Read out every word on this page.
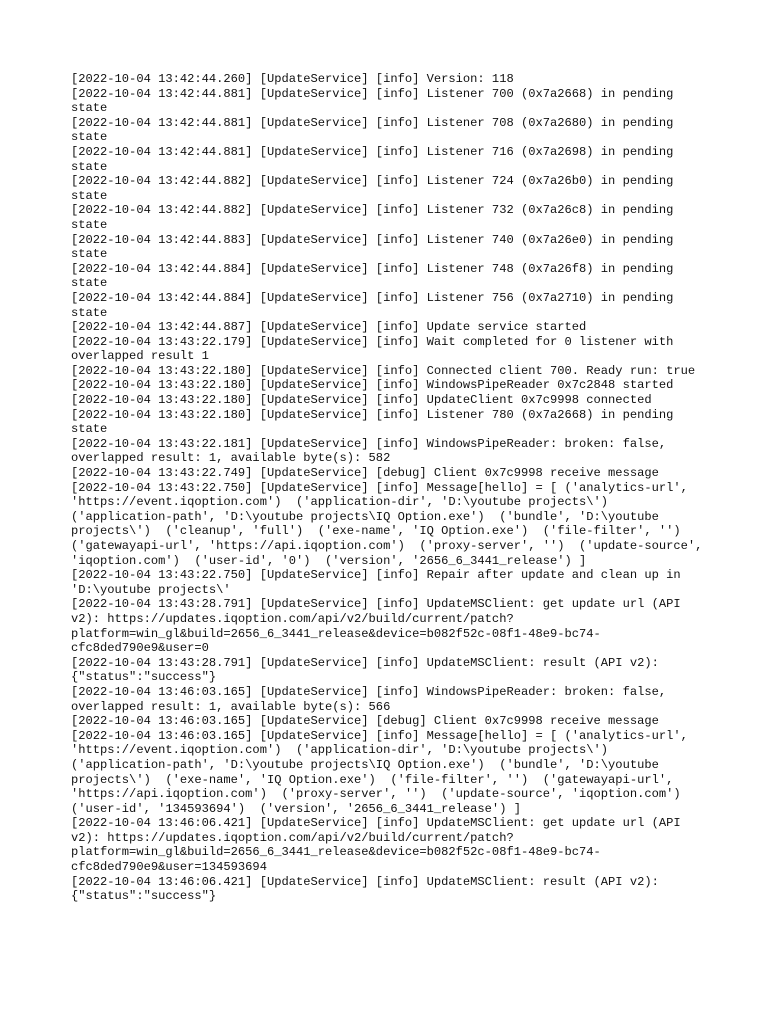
[2022-10-04 13:42:44.260] [UpdateService] [info] Version: 118
[2022-10-04 13:42:44.881] [UpdateService] [info] Listener 700 (0x7a2668) in pending state
[2022-10-04 13:42:44.881] [UpdateService] [info] Listener 708 (0x7a2680) in pending state
[2022-10-04 13:42:44.881] [UpdateService] [info] Listener 716 (0x7a2698) in pending state
[2022-10-04 13:42:44.882] [UpdateService] [info] Listener 724 (0x7a26b0) in pending state
[2022-10-04 13:42:44.882] [UpdateService] [info] Listener 732 (0x7a26c8) in pending state
[2022-10-04 13:42:44.883] [UpdateService] [info] Listener 740 (0x7a26e0) in pending state
[2022-10-04 13:42:44.884] [UpdateService] [info] Listener 748 (0x7a26f8) in pending state
[2022-10-04 13:42:44.884] [UpdateService] [info] Listener 756 (0x7a2710) in pending state
[2022-10-04 13:42:44.887] [UpdateService] [info] Update service started
[2022-10-04 13:43:22.179] [UpdateService] [info] Wait completed for 0 listener with overlapped result 1
[2022-10-04 13:43:22.180] [UpdateService] [info] Connected client 700. Ready run: true
[2022-10-04 13:43:22.180] [UpdateService] [info] WindowsPipeReader 0x7c2848 started
[2022-10-04 13:43:22.180] [UpdateService] [info] UpdateClient 0x7c9998 connected
[2022-10-04 13:43:22.180] [UpdateService] [info] Listener 780 (0x7a2668) in pending state
[2022-10-04 13:43:22.181] [UpdateService] [info] WindowsPipeReader: broken: false, overlapped result: 1, available byte(s): 582
[2022-10-04 13:43:22.749] [UpdateService] [debug] Client 0x7c9998 receive message
[2022-10-04 13:43:22.750] [UpdateService] [info] Message[hello] = [ ('analytics-url', 'https://event.iqoption.com')  ('application-dir', 'D:\youtube projects\')  ('application-path', 'D:\youtube projects\IQ Option.exe')  ('bundle', 'D:\youtube projects\')  ('cleanup', 'full')  ('exe-name', 'IQ Option.exe')  ('file-filter', '')  ('gatewayapi-url', 'https://api.iqoption.com')  ('proxy-server', '')  ('update-source', 'iqoption.com')  ('user-id', '0')  ('version', '2656_6_3441_release') ]
[2022-10-04 13:43:22.750] [UpdateService] [info] Repair after update and clean up in 'D:\youtube projects\'
[2022-10-04 13:43:28.791] [UpdateService] [info] UpdateMSClient: get update url (API v2): https://updates.iqoption.com/api/v2/build/current/patch?platform=win_gl&build=2656_6_3441_release&device=b082f52c-08f1-48e9-bc74-cfc8ded790e9&user=0
[2022-10-04 13:43:28.791] [UpdateService] [info] UpdateMSClient: result (API v2): {"status":"success"}
[2022-10-04 13:46:03.165] [UpdateService] [info] WindowsPipeReader: broken: false, overlapped result: 1, available byte(s): 566
[2022-10-04 13:46:03.165] [UpdateService] [debug] Client 0x7c9998 receive message
[2022-10-04 13:46:03.165] [UpdateService] [info] Message[hello] = [ ('analytics-url', 'https://event.iqoption.com')  ('application-dir', 'D:\youtube projects\')  ('application-path', 'D:\youtube projects\IQ Option.exe')  ('bundle', 'D:\youtube projects\')  ('exe-name', 'IQ Option.exe')  ('file-filter', '')  ('gatewayapi-url', 'https://api.iqoption.com')  ('proxy-server', '')  ('update-source', 'iqoption.com')  ('user-id', '134593694')  ('version', '2656_6_3441_release') ]
[2022-10-04 13:46:06.421] [UpdateService] [info] UpdateMSClient: get update url (API v2): https://updates.iqoption.com/api/v2/build/current/patch?platform=win_gl&build=2656_6_3441_release&device=b082f52c-08f1-48e9-bc74-cfc8ded790e9&user=134593694
[2022-10-04 13:46:06.421] [UpdateService] [info] UpdateMSClient: result (API v2): {"status":"success"}
